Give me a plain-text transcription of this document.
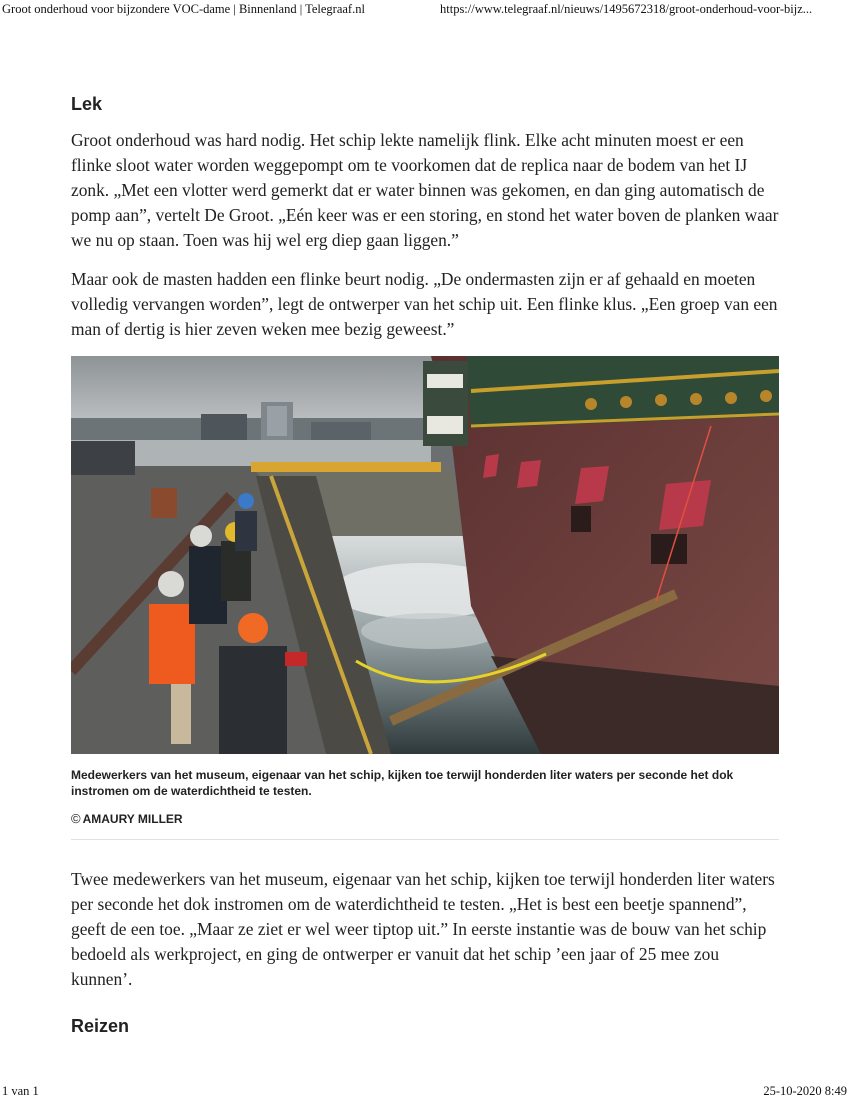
Groot onderhoud voor bijzondere VOC-dame | Binnenland | Telegraaf.nl	https://www.telegraaf.nl/nieuws/1495672318/groot-onderhoud-voor-bijz...
Lek

Groot onderhoud was hard nodig. Het schip lekte namelijk flink. Elke acht minuten moest er een flinke sloot water worden weggepompt om te voorkomen dat de replica naar de bodem van het IJ zonk. „Met een vlotter werd gemerkt dat er water binnen was gekomen, en dan ging automatisch de pomp aan”, vertelt De Groot. „Eén keer was er een storing, en stond het water boven de planken waar we nu op staan. Toen was hij wel erg diep gaan liggen.”

Maar ook de masten hadden een flinke beurt nodig. „De ondermasten zijn er af gehaald en moeten volledig vervangen worden”, legt de ontwerper van het schip uit. Een flinke klus. „Een groep van een man of dertig is hier zeven weken mee bezig geweest.”

Medewerkers van het museum, eigenaar van het schip, kijken toe terwijl honderden liter waters per seconde het dok instromen om de waterdichtheid te testen.
© AMAURY MILLER

Twee medewerkers van het museum, eigenaar van het schip, kijken toe terwijl honderden liter waters per seconde het dok instromen om de waterdichtheid te testen. „Het is best een beetje spannend”, geeft de een toe. „Maar ze ziet er wel weer tiptop uit.” In eerste instantie was de bouw van het schip bedoeld als werkproject, en ging de ontwerper er vanuit dat het schip ’een jaar of 25 mee zou kunnen’.

Reizen
1 van 1	25-10-2020 8:49
